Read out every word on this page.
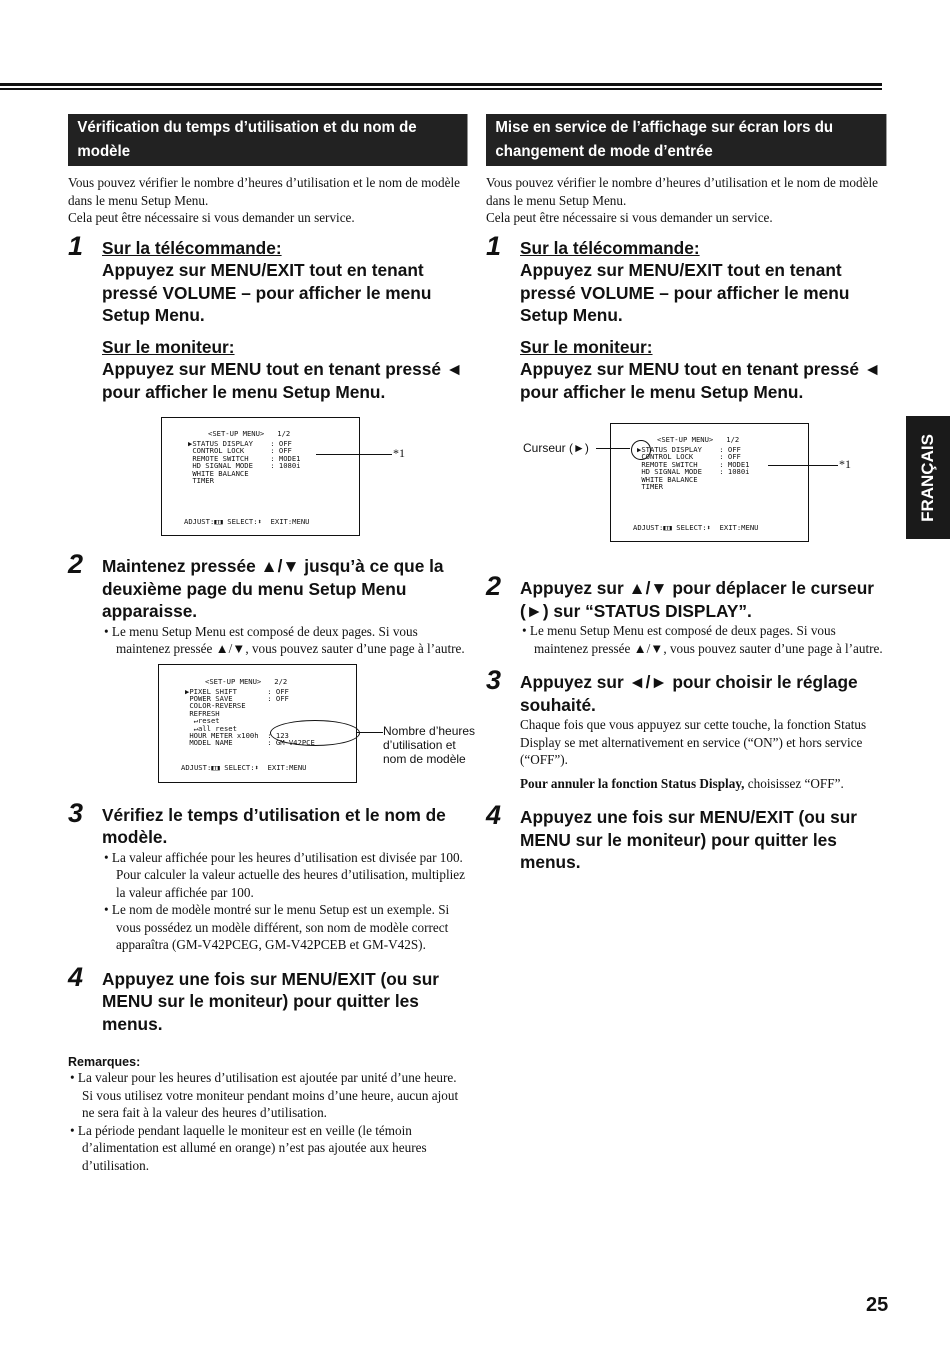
Vérification du temps d’utilisation et du nom de modèle
Vous pouvez vérifier le nombre d’heures d’utilisation et le nom de modèle dans le menu Setup Menu.
Cela peut être nécessaire si vous demander un service.
1 Sur la télécommande:
Appuyez sur MENU/EXIT tout en tenant pressé VOLUME – pour afficher le menu Setup Menu.
Sur le moniteur:
Appuyez sur MENU tout en tenant pressé ◄ pour afficher le menu Setup Menu.
<SET-UP MENU>   1/2
▶STATUS DISPLAY    : OFF
CONTROL LOCK      : OFF
REMOTE SWITCH     : MODE1
HD SIGNAL MODE    : 1080i
WHITE BALANCE
TIMER
ADJUST:◧◨ SELECT:⬍  EXIT:MENU
*1
2 Maintenez pressée ▲/▼ jusqu’à ce que la deuxième page du menu Setup Menu apparaisse.
• Le menu Setup Menu est composé de deux pages. Si vous maintenez pressée ▲/▼, vous pouvez sauter d’une page à l’autre.
<SET-UP MENU>   2/2
▶PIXEL SHIFT       : OFF
POWER SAVE        : OFF
COLOR-REVERSE
REFRESH
↵reset
↵all reset
HOUR METER x100h  : 123
MODEL NAME        : GM-V42PCE
ADJUST:◧◨ SELECT:⬍  EXIT:MENU
Nombre d’heures d’utilisation et nom de modèle
3 Vérifiez le temps d’utilisation et le nom de modèle.
• La valeur affichée pour les heures d’utilisation est divisée par 100. Pour calculer la valeur actuelle des heures d’utilisation, multipliez la valeur affichée par 100.
• Le nom de modèle montré sur le menu Setup est un exemple. Si vous possédez un modèle différent, son nom de modèle correct apparaîtra (GM-V42PCEG, GM-V42PCEB et GM-V42S).
4 Appuyez une fois sur MENU/EXIT (ou sur MENU sur le moniteur) pour quitter les menus.
Remarques:
• La valeur pour les heures d’utilisation est ajoutée par unité d’une heure. Si vous utilisez votre moniteur pendant moins d’une heure, aucun ajout ne sera fait à la valeur des heures d’utilisation.
• La période pendant laquelle le moniteur est en veille (le témoin d’alimentation est allumé en orange) n’est pas ajoutée aux heures d’utilisation.
Mise en service de l’affichage sur écran lors du changement de mode d’entrée
Vous pouvez vérifier le nombre d’heures d’utilisation et le nom de modèle dans le menu Setup Menu.
Cela peut être nécessaire si vous demander un service.
1 Sur la télécommande:
Appuyez sur MENU/EXIT tout en tenant pressé VOLUME – pour afficher le menu Setup Menu.
Sur le moniteur:
Appuyez sur MENU tout en tenant pressé ◄ pour afficher le menu Setup Menu.
Curseur (►)
<SET-UP MENU>   1/2
▶STATUS DISPLAY    : OFF
CONTROL LOCK      : OFF
REMOTE SWITCH     : MODE1
HD SIGNAL MODE    : 1080i
WHITE BALANCE
TIMER
ADJUST:◧◨ SELECT:⬍  EXIT:MENU
*1
2 Appuyez sur ▲/▼ pour déplacer le curseur (►) sur “STATUS DISPLAY”.
• Le menu Setup Menu est composé de deux pages. Si vous maintenez pressée ▲/▼, vous pouvez sauter d’une page à l’autre.
3 Appuyez sur ◄/► pour choisir le réglage souhaité.
Chaque fois que vous appuyez sur cette touche, la fonction Status Display se met alternativement en service (“ON”) et hors service (“OFF”).
Pour annuler la fonction Status Display, choisissez “OFF”.
4 Appuyez une fois sur MENU/EXIT (ou sur MENU sur le moniteur) pour quitter les menus.
FRANÇAIS
25
